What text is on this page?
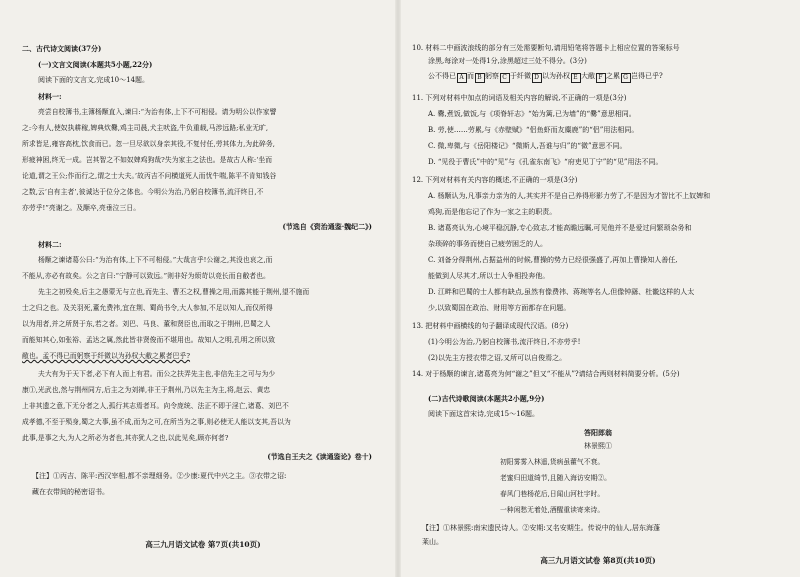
二、古代诗文阅读(37分)
(一)文言文阅读(本题共5小题,22分)
阅读下面的文言文,完成10～14题。
材料一:
亮尝自校簿书,主簿杨颙直入,谏曰:“为治有体,上下不可相侵。请为明公以作家譬
之:今有人,使奴执耕稼,婢典炊爨,鸡主司晨,犬主吠盗,牛负重载,马涉远路;私业无旷,
所求皆足,雍容高枕,饮食而已。忽一旦尽欲以身亲其役,不复付任,劳其体力,为此碎务,
形疲神困,终无一成。岂其智之不如奴婢鸡狗哉?失为家主之法也。是故古人称:‘坐而
论道,谓之王公;作而行之,谓之士大夫。’故丙吉不问横道死人而忧牛喘,陈平不肯知钱谷
之数,云‘自有主者’,彼诚达于位分之体也。今明公为治,乃躬自校簿书,流汗终日,不
亦劳乎!”亮谢之。及颙卒,亮垂泣三日。
(节选自《资治通鉴·魏纪二》)
材料二:
杨颙之谏诸葛公曰:“为治有体,上下不可相侵。”大哉言乎!公谢之,其没也哀之,而
不能从,亦必有故矣。公之言曰:“宁静可以致远。”则非好为烦苛以竞长而自敝者也。
先主之初殁矣,后主之愚蒙无与立也,而先主、曹丕之权,曹操之用,而露其能于荆州,望不施而
士之归之也。及关羽死,董允费祎,宜在荆、蜀尚书令,大人参加,不足以知人,而仅所得
以为用者,并之所贤于东,若之者。刘巴、马良、董和贤臣也,而取之于荆州,巴蜀之人
而能知其心,如张裕、孟达之属,然此皆非贤俊而不堪用也。故知人之明,孔明之所以致
敝也。孟不得已而躬察于纤微以为孙权大敝之累者巴乎?
夫大有为于天下者,必下有人而上有君。而公之扶弄先主也,非信先主之可与为少
康①,光武也,然与荆州同方,后主之为刘禅,非王于荆州,乃以先主为主,将,赵云、黄忠
上非其遗之意,下无分者之人,孤行其志焉者耳。向令庞统、法正不即于淫亡,诸葛、刘巴不
成孝德,不至于殒身,蜀之大事,虽不成,而为之可,在所当为之事,则必使无人能以支其,吾以为
此事,是事之大,为人之所必为者也,其亦犹人之也,以此见矣,顾亦何者?
(节选自王夫之《读通鉴论》卷十)
【注】①丙吉、陈平:西汉宰相,都不亲理细务。②少康:夏代中兴之主。③衣带之诏:
藏在衣带间的秘密诏书。
高三九月语文试卷 第7页(共10页)
10. 材料二中画波浪线的部分有三处需要断句,请用铅笔将答题卡上相应位置的答案标号
涂黑,每涂对一处得1分,涂黑超过三处不得分。(3分)
公不得已 A 而 B 躬察 C 于纤微 D 以为孙权 E 大敝 F 之累 G 岂得已乎?
11. 下列对材料中加点的词语及相关内容的解说,不正确的一项是(3分)
A. 爨,煮饭,做饭,与《项脊轩志》“始为篱,已为墙”的“爨”意思相同。
B. 劳,使……劳累,与《赤壁赋》“侣鱼虾而友麋鹿”的“侣”用法相同。
C. 微,卑微,与《岳阳楼记》“微斯人,吾谁与归”的“微”意思不同。
D. “见役于曹氏”中的“见”与《孔雀东南飞》“府吏见丁宁”的“见”用法不同。
12. 下列对材料有关内容的概述,不正确的一项是(3分)
A. 杨颙认为,凡事亲力亲为的人,其实并不是自己养得形影力劳了,不是因为才智比不上奴婢和
鸡狗,而是他忘记了作为一家之主的职责。
B. 诸葛亮认为,心境平稳沉静,专心致志,才能高瞻远瞩,可见他并不是爱过问繁琐杂务和
杂琐碎的事务而使自己疲劳困乏的人。
C. 刘备分得荆州,占据益州的时候,曹操的势力已经很强盛了,再加上曹操知人善任,
能做到人尽其才,所以士人争相投奔他。
D. 江畔和巴蜀的士人都有缺点,虽然有像费祎、蒋琬等名人,但像钟繇、杜畿这样的人太
少,以致蜀国在政治、财用等方面都存在问题。
13. 把材料中画横线的句子翻译成现代汉语。(8分)
(1)今明公为治,乃躬自校簿书,流汗终日,不亦劳乎!
(2)以先主方授衣带之诏,又所可以自俊焉之。
14. 对于杨颙的谏言,诸葛亮为何“谢之”但又“不能从”?请结合两则材料简要分析。(5分)
(二)古代诗歌阅读(本题共2小题,9分)
阅读下面这首宋诗,完成15～16题。
答阳郎翁
林景熙①
初阳雾雾入林遥,货病虽藿气不衰。
老蜜归田道绮节,且随入海访安期②。
春风门巷杨花后,日闻山河杜宇时。
一种闲愁无着处,酒醒重读寄来诗。
【注】①林景熙:南宋遗民诗人。②安期:又名安期生。传说中的仙人,居东海蓬
莱山。
高三九月语文试卷 第8页(共10页)
